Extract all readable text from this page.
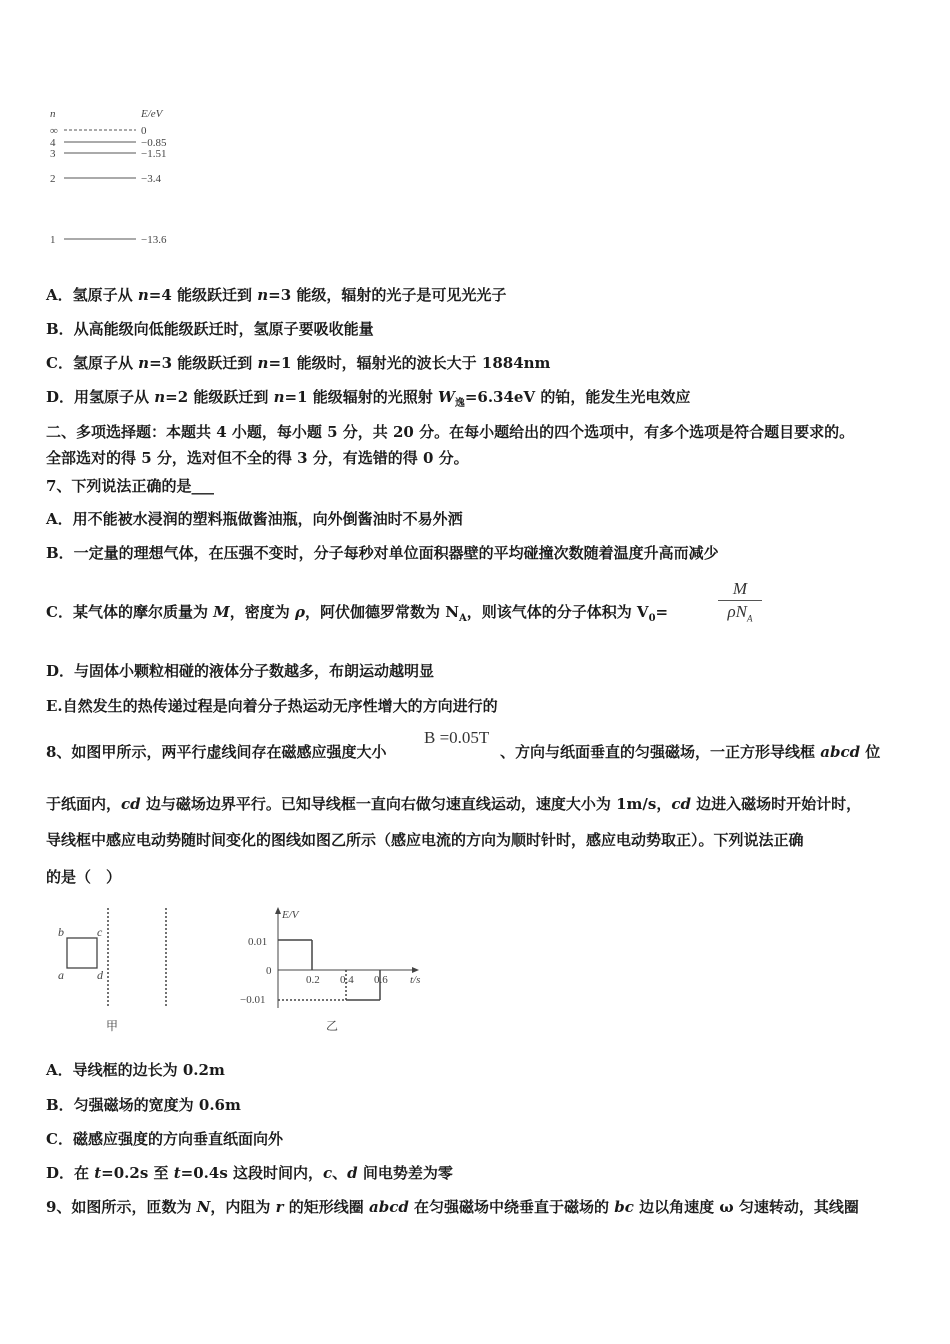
n	E/eV
∞	0
4	−0.85
3	−1.51
2	−3.4
1	−13.6
A．氢原子从 n=4 能级跃迁到 n=3 能级，辐射的光子是可见光光子
B．从高能级向低能级跃迁时，氢原子要吸收能量
C．氢原子从 n=3 能级跃迁到 n=1 能级时，辐射光的波长大于 1884nm
D．用氢原子从 n=2 能级跃迁到 n=1 能级辐射的光照射 $W_逸=6.34eV$ 的铂，能发生光电效应
二、多项选择题：本题共 4 小题，每小题 5 分，共 20 分。在每小题给出的四个选项中，有多个选项是符合题目要求的。
全部选对的得 5 分，选对但不全的得 3 分，有选错的得 0 分。
7、下列说法正确的是___
A．用不能被水浸润的塑料瓶做酱油瓶，向外倒酱油时不易外洒
B．一定量的理想气体，在压强不变时，分子每秒对单位面积器壁的平均碰撞次数随着温度升高而减少
C．某气体的摩尔质量为 M，密度为 ρ，阿伏伽德罗常数为 $N_A$，则该气体的分子体积为 $V_0=$
M
$\rho N_A$
D．与固体小颗粒相碰的液体分子数越多，布朗运动越明显
E.自然发生的热传递过程是向着分子热运动无序性增大的方向进行的
8、如图甲所示，两平行虚线间存在磁感应强度大小
B =0.05T
、方向与纸面垂直的匀强磁场，一正方形导线框 abcd 位
于纸面内，cd 边与磁场边界平行。已知导线框一直向右做匀速直线运动，速度大小为 1m/s，cd 边进入磁场时开始计时，
导线框中感应电动势随时间变化的图线如图乙所示（感应电流的方向为顺时针时，感应电动势取正）。下列说法正确
的是（　）
b	c
a	d
甲
E/V
t/s
0.01
0
−0.01
0.2 0.4 0.6
乙
A．导线框的边长为 0.2m
B．匀强磁场的宽度为 0.6m
C．磁感应强度的方向垂直纸面向外
D．在 t=0.2s 至 t=0.4s 这段时间内，c、d 间电势差为零
9、如图所示，匝数为 N，内阻为 r 的矩形线圈 abcd 在匀强磁场中绕垂直于磁场的 bc 边以角速度 ω 匀速转动，其线圈
